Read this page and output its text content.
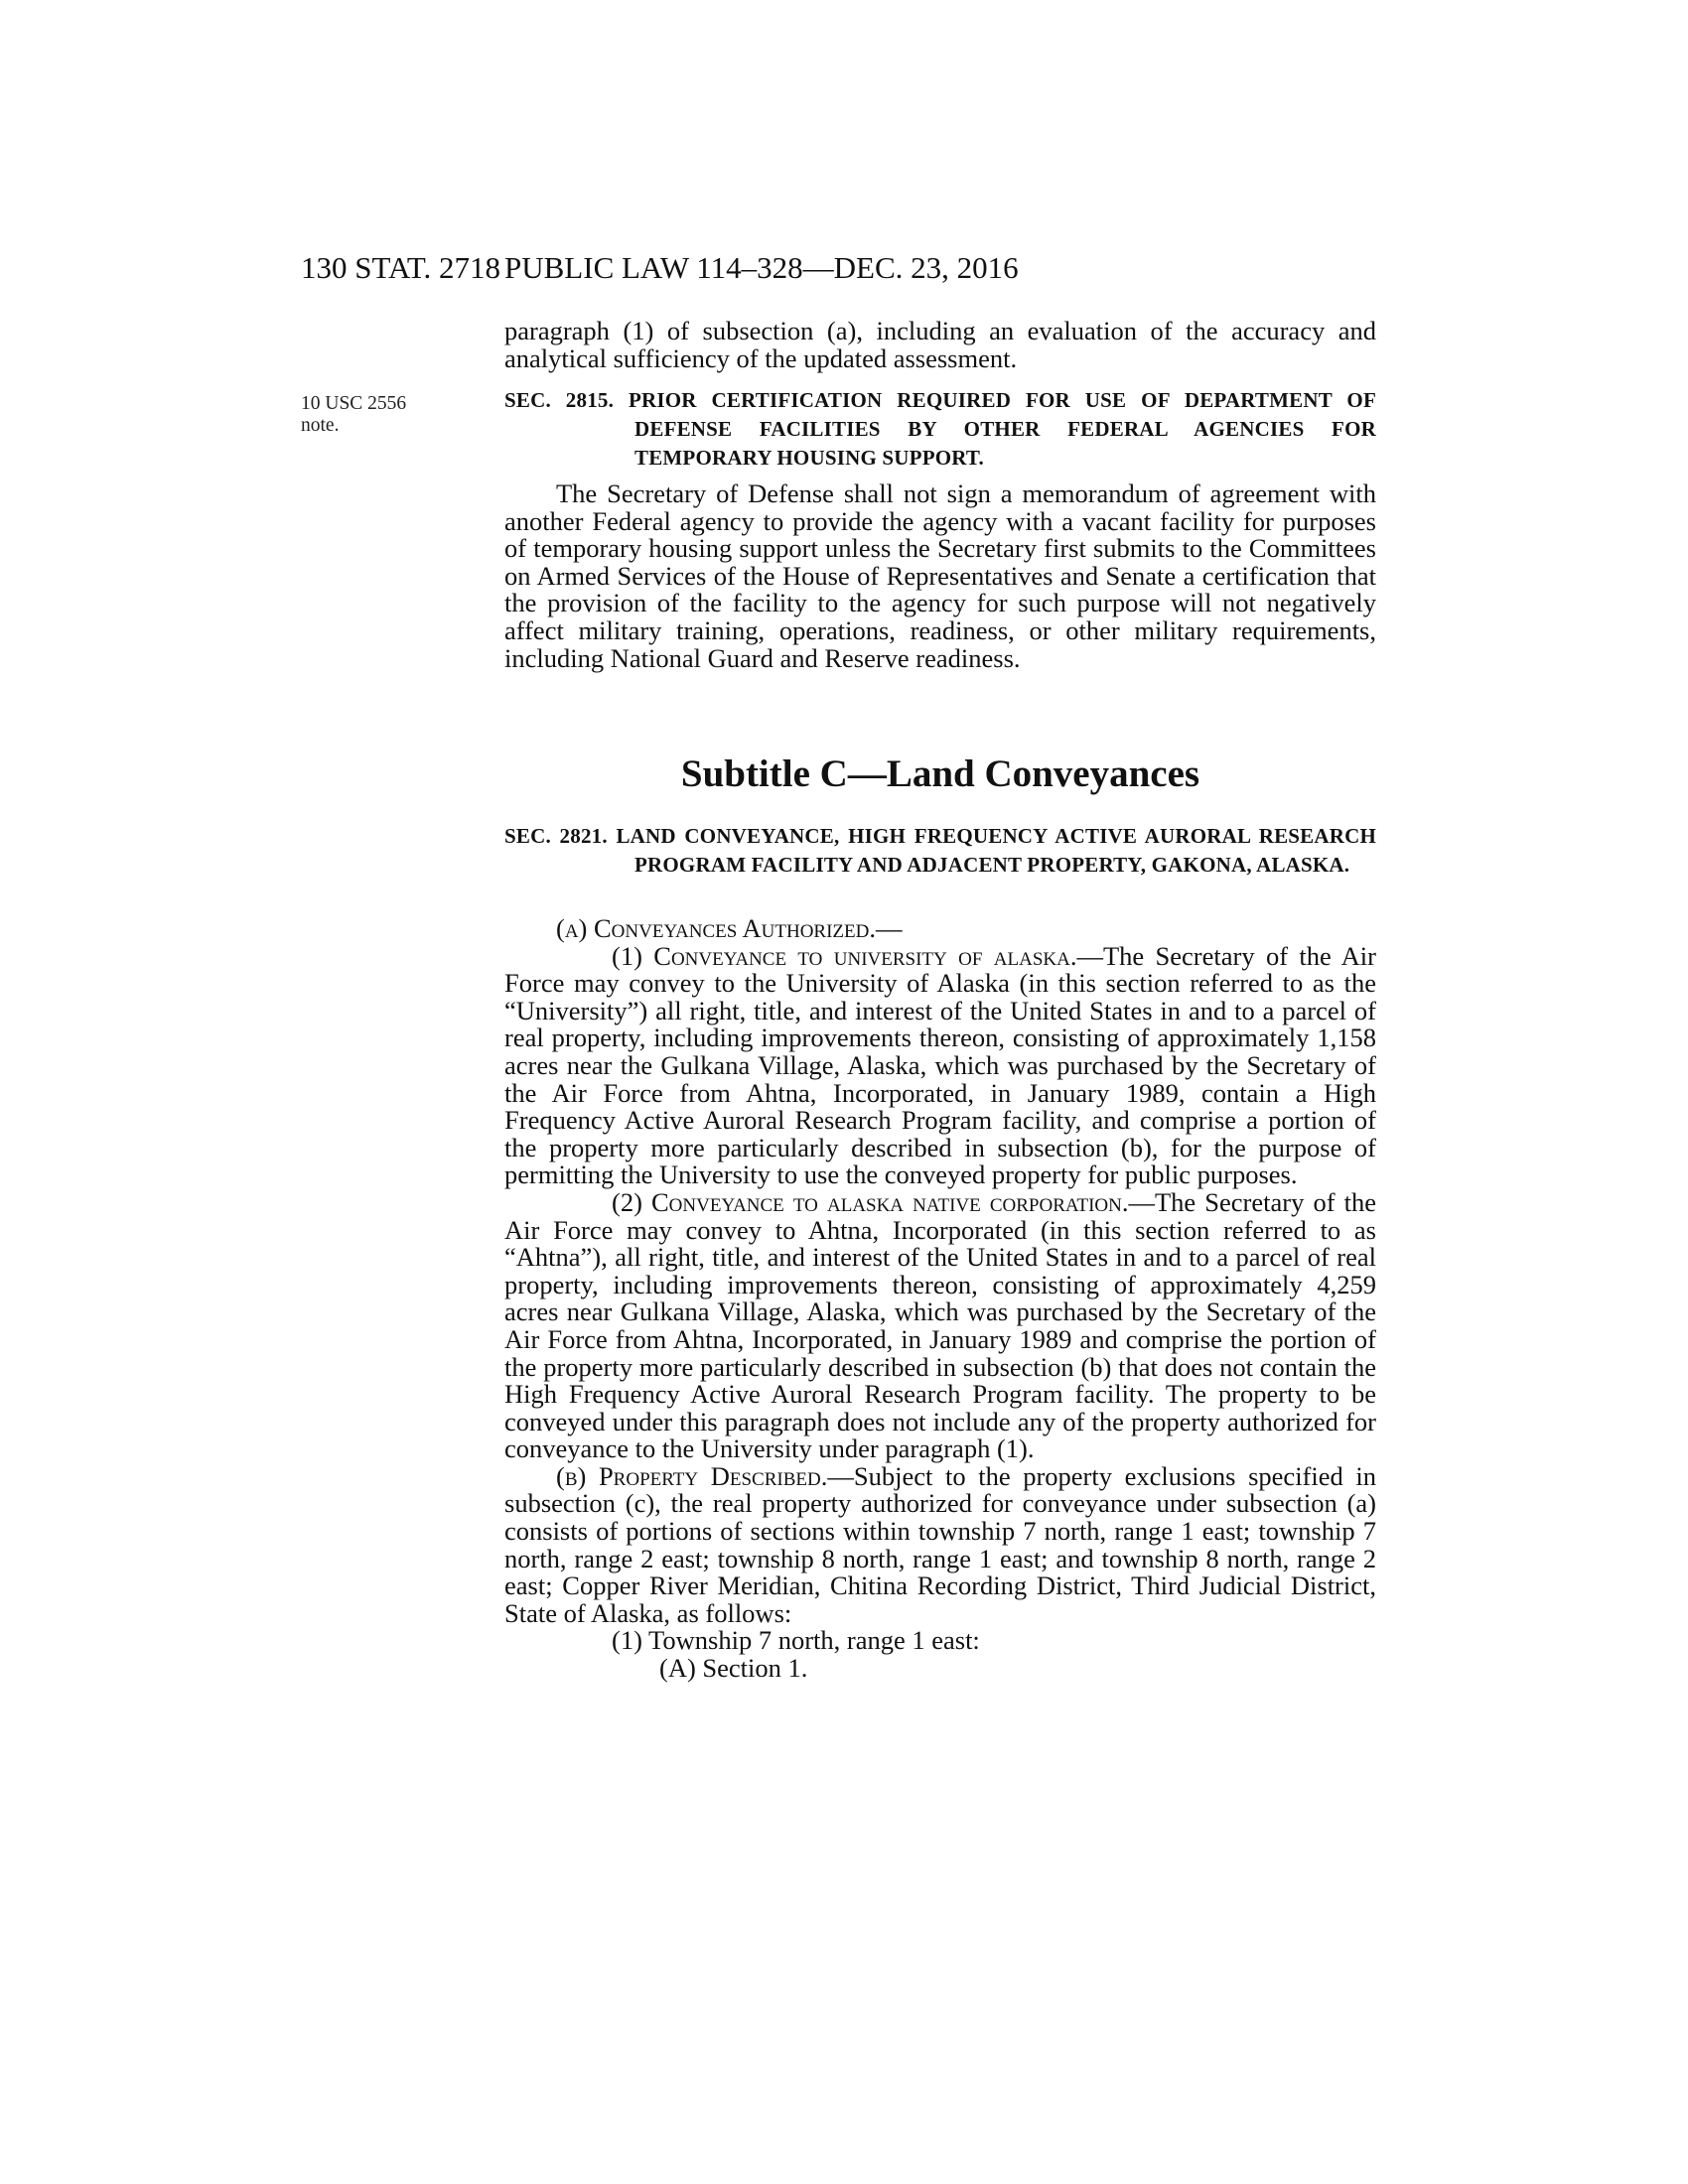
130 STAT. 2718 PUBLIC LAW 114–328—DEC. 23, 2016
10 USC 2556
note.

paragraph (1) of subsection (a), including an evaluation of the accuracy and analytical sufficiency of the updated assessment.

SEC. 2815. PRIOR CERTIFICATION REQUIRED FOR USE OF DEPARTMENT OF DEFENSE FACILITIES BY OTHER FEDERAL AGENCIES FOR TEMPORARY HOUSING SUPPORT.

The Secretary of Defense shall not sign a memorandum of agreement with another Federal agency to provide the agency with a vacant facility for purposes of temporary housing support unless the Secretary first submits to the Committees on Armed Services of the House of Representatives and Senate a certification that the provision of the facility to the agency for such purpose will not negatively affect military training, operations, readiness, or other military requirements, including National Guard and Reserve readiness.

Subtitle C—Land Conveyances
SEC. 2821. LAND CONVEYANCE, HIGH FREQUENCY ACTIVE AURORAL RESEARCH PROGRAM FACILITY AND ADJACENT PROPERTY, GAKONA, ALASKA.

(a) Conveyances Authorized.—

(1) Conveyance to university of alaska.—The Secretary of the Air Force may convey to the University of Alaska (in this section referred to as the “University”) all right, title, and interest of the United States in and to a parcel of real property, including improvements thereon, consisting of approximately 1,158 acres near the Gulkana Village, Alaska, which was purchased by the Secretary of the Air Force from Ahtna, Incorporated, in January 1989, contain a High Frequency Active Auroral Research Program facility, and comprise a portion of the property more particularly described in subsection (b), for the purpose of permitting the University to use the conveyed property for public purposes.

(2) Conveyance to alaska native corporation.—The Secretary of the Air Force may convey to Ahtna, Incorporated (in this section referred to as “Ahtna”), all right, title, and interest of the United States in and to a parcel of real property, including improvements thereon, consisting of approximately 4,259 acres near Gulkana Village, Alaska, which was purchased by the Secretary of the Air Force from Ahtna, Incorporated, in January 1989 and comprise the portion of the property more particularly described in subsection (b) that does not contain the High Frequency Active Auroral Research Program facility. The property to be conveyed under this paragraph does not include any of the property authorized for conveyance to the University under paragraph (1).

(b) Property Described.—Subject to the property exclusions specified in subsection (c), the real property authorized for conveyance under subsection (a) consists of portions of sections within township 7 north, range 1 east; township 7 north, range 2 east; township 8 north, range 1 east; and township 8 north, range 2 east; Copper River Meridian, Chitina Recording District, Third Judicial District, State of Alaska, as follows:

(1) Township 7 north, range 1 east:

(A) Section 1.
